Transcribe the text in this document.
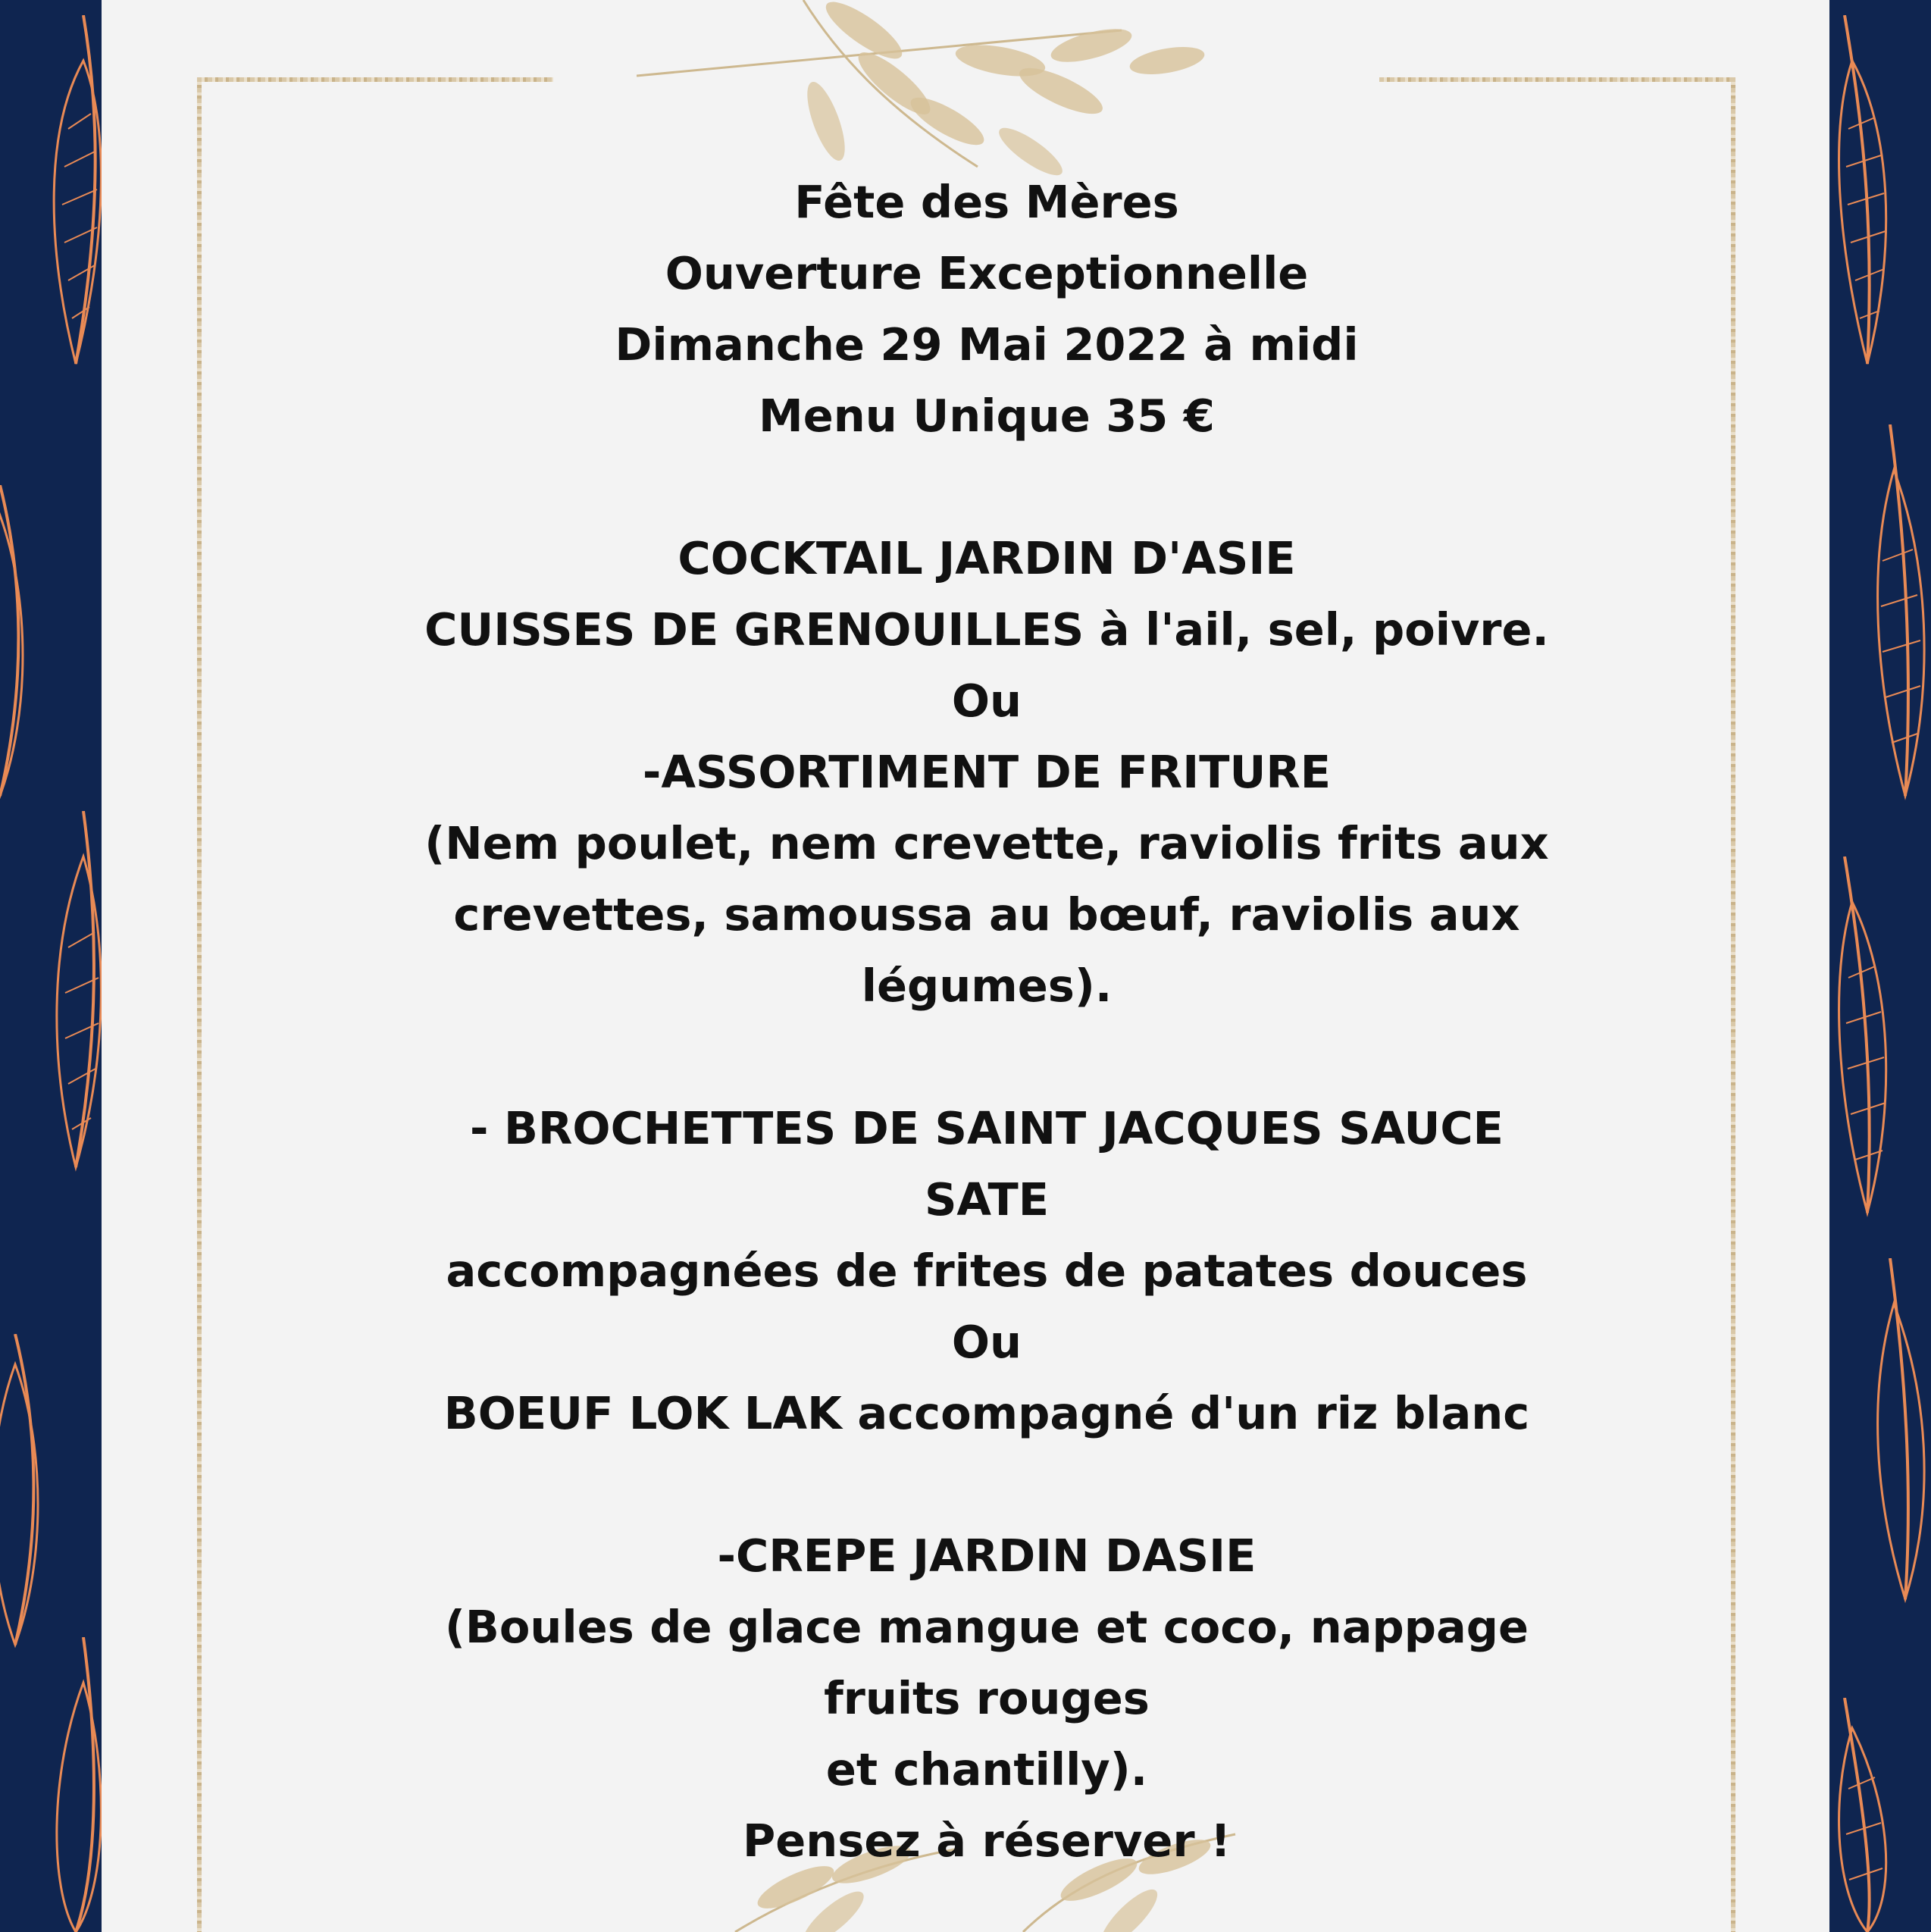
Fête des Mères

Ouverture Exceptionnelle

Dimanche 29 Mai 2022 à midi

Menu Unique 35 €

COCKTAIL JARDIN D'ASIE

CUISSES DE GRENOUILLES à l'ail, sel, poivre.

Ou

-ASSORTIMENT DE FRITURE

(Nem poulet, nem crevette, raviolis frits aux

crevettes, samoussa au bœuf, raviolis aux

légumes).

- BROCHETTES DE SAINT JACQUES SAUCE

SATE

accompagnées de frites de patates douces

Ou

BOEUF LOK LAK accompagné d'un riz blanc

-CREPE JARDIN DASIE

(Boules de glace mangue et coco, nappage

fruits rouges

et chantilly).

Pensez à réserver !
